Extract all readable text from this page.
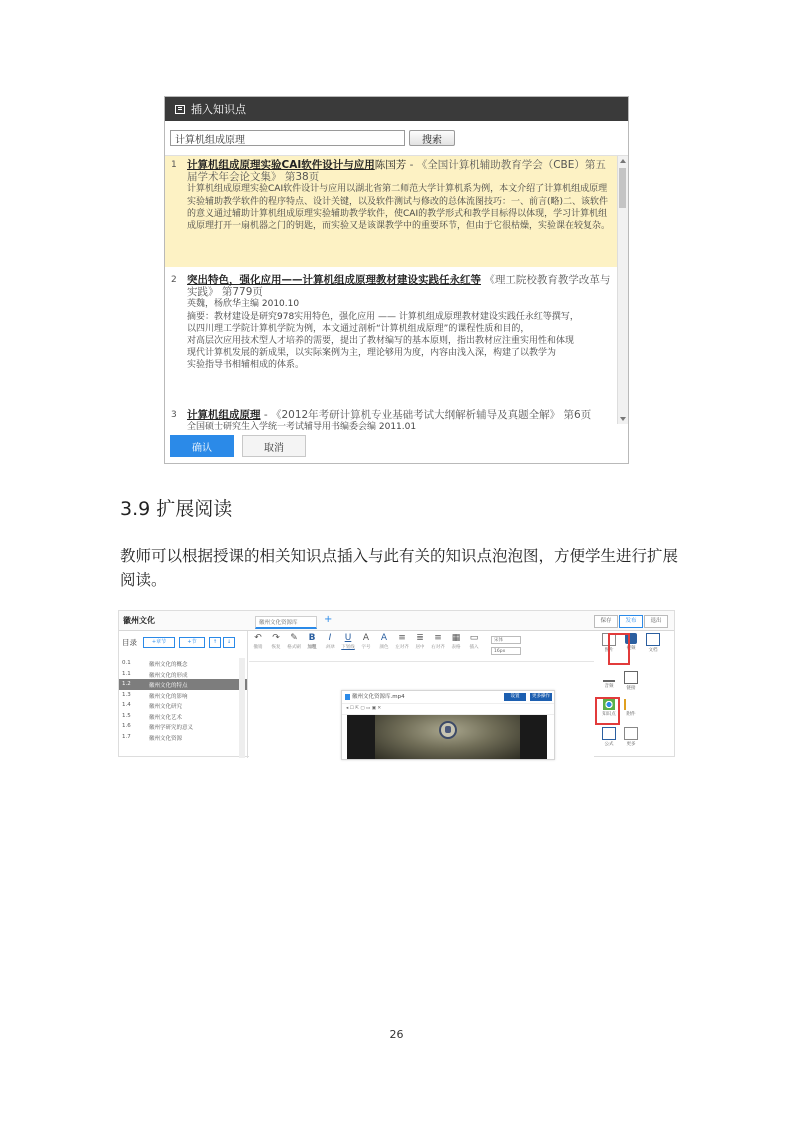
插入知识点
计算机组成原理
搜索
1 计算机组成原理实验CAI软件设计与应用陈国芳 - 《全国计算机辅助教育学会（CBE）第五届学术年会论文集》 第38页

计算机组成原理实验CAI软件设计与应用以湖北省第二师范大学计算机系为例，本文介绍了计算机组成原理实验辅助教学软件的程序特点、设计关键，以及软件测试与修改的总体流图技巧：一、前言(略)二、该软件的意义通过辅助计算机组成原理实验辅助教学软件，使CAI的教学形式和教学目标得以体现，学习计算机组成原理打开一扇机器之门的钥匙，而实验又是该课教学中的重要环节，但由于它很枯燥，实验课在较复杂。

2 突出特色，强化应用——计算机组成原理教材建设实践任永红等 《理工院校教育教学改革与实践》 第779页

英魏，杨欣华主编 2010.10

摘要：教材建设是研究978实用特色，强化应用 —— 计算机组成原理教材建设实践任永红等撰写，

以四川理工学院计算机学院为例，本文通过剖析“计算机组成原理”的课程性质和目的，

对高层次应用技术型人才培养的需要，提出了教材编写的基本原则，指出教材应注重实用性和体现

现代计算机发展的新成果，以实际案例为主，理论够用为度，内容由浅入深，构建了以教学为

实验指导书相辅相成的体系。

3 计算机组成原理 - 《2012年考研计算机专业基础考试大纲解析辅导及真题全解》 第6页

全国硕士研究生入学统一考试辅导用书编委会编 2011.01

确认	取消
3.9 扩展阅读

教师可以根据授课的相关知识点插入与此有关的知识点泡泡图，方便学生进行扩展阅读。

徽州文化	徽州文化资源库	+	保存	发布	退出
目录	+章节	+节	↑	↓
0.1	徽州文化的概念
1.1	徽州文化的形成
1.2	徽州文化的特点
1.3	徽州文化的影响
1.4	徽州文化研究
1.5	徽州文化艺术
1.6	徽州学研究的意义
1.7	徽州文化资源
↶
撤销
↷
恢复
✎
格式刷
B
加粗
I
斜体
U
下划线
A
字号
A
颜色
≡
左对齐
≣
居中
≡
右对齐
▦
表格
▭
插入
宋体
16px
徽州文化资源库.mp4	设置	更多操作
◂ ☐ ⇱ ▢ ▭ ▣ ✕
图片	视频	文档
音频	链接
知识点	附件
公式	更多
26
